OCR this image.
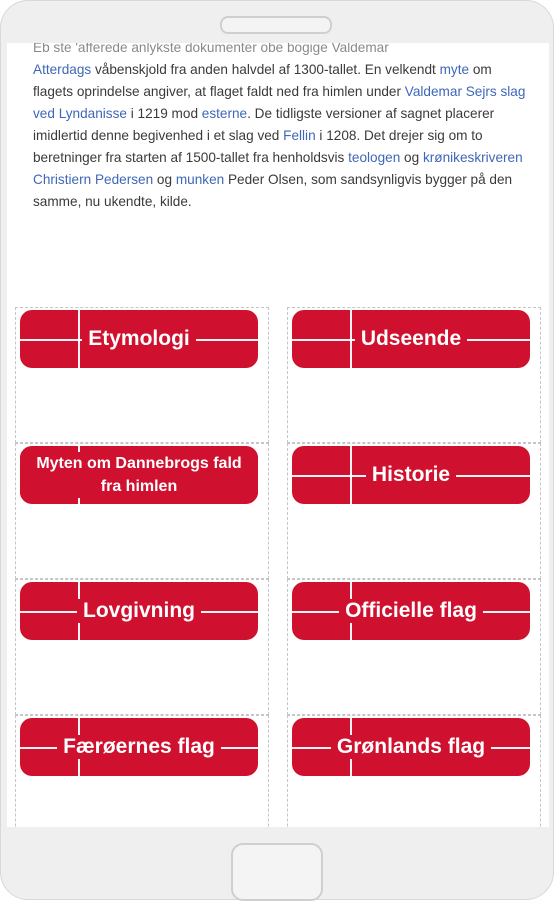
Eb ste 'afferede anlykste dokumenter obe bogige Valdemar

Atterdags våbenskjold fra anden halvdel af 1300-tallet. En velkendt myte om flagets oprindelse angiver, at flaget faldt ned fra himlen under Valdemar Sejrs slag ved Lyndanisse i 1219 mod esterne. De tidligste versioner af sagnet placerer imidlertid denne begivenhed i et slag ved Fellin i 1208. Det drejer sig om to beretninger fra starten af 1500-tallet fra henholdsvis teologen og krønikeskriveren Christiern Pedersen og munken Peder Olsen, som sandsynligvis bygger på den samme, nu ukendte, kilde.

Etymologi	Udseende
Myten om Dannebrogs fald fra himlen
Historie
Lovgivning	Officielle flag
Færøernes flag	Grønlands flag
